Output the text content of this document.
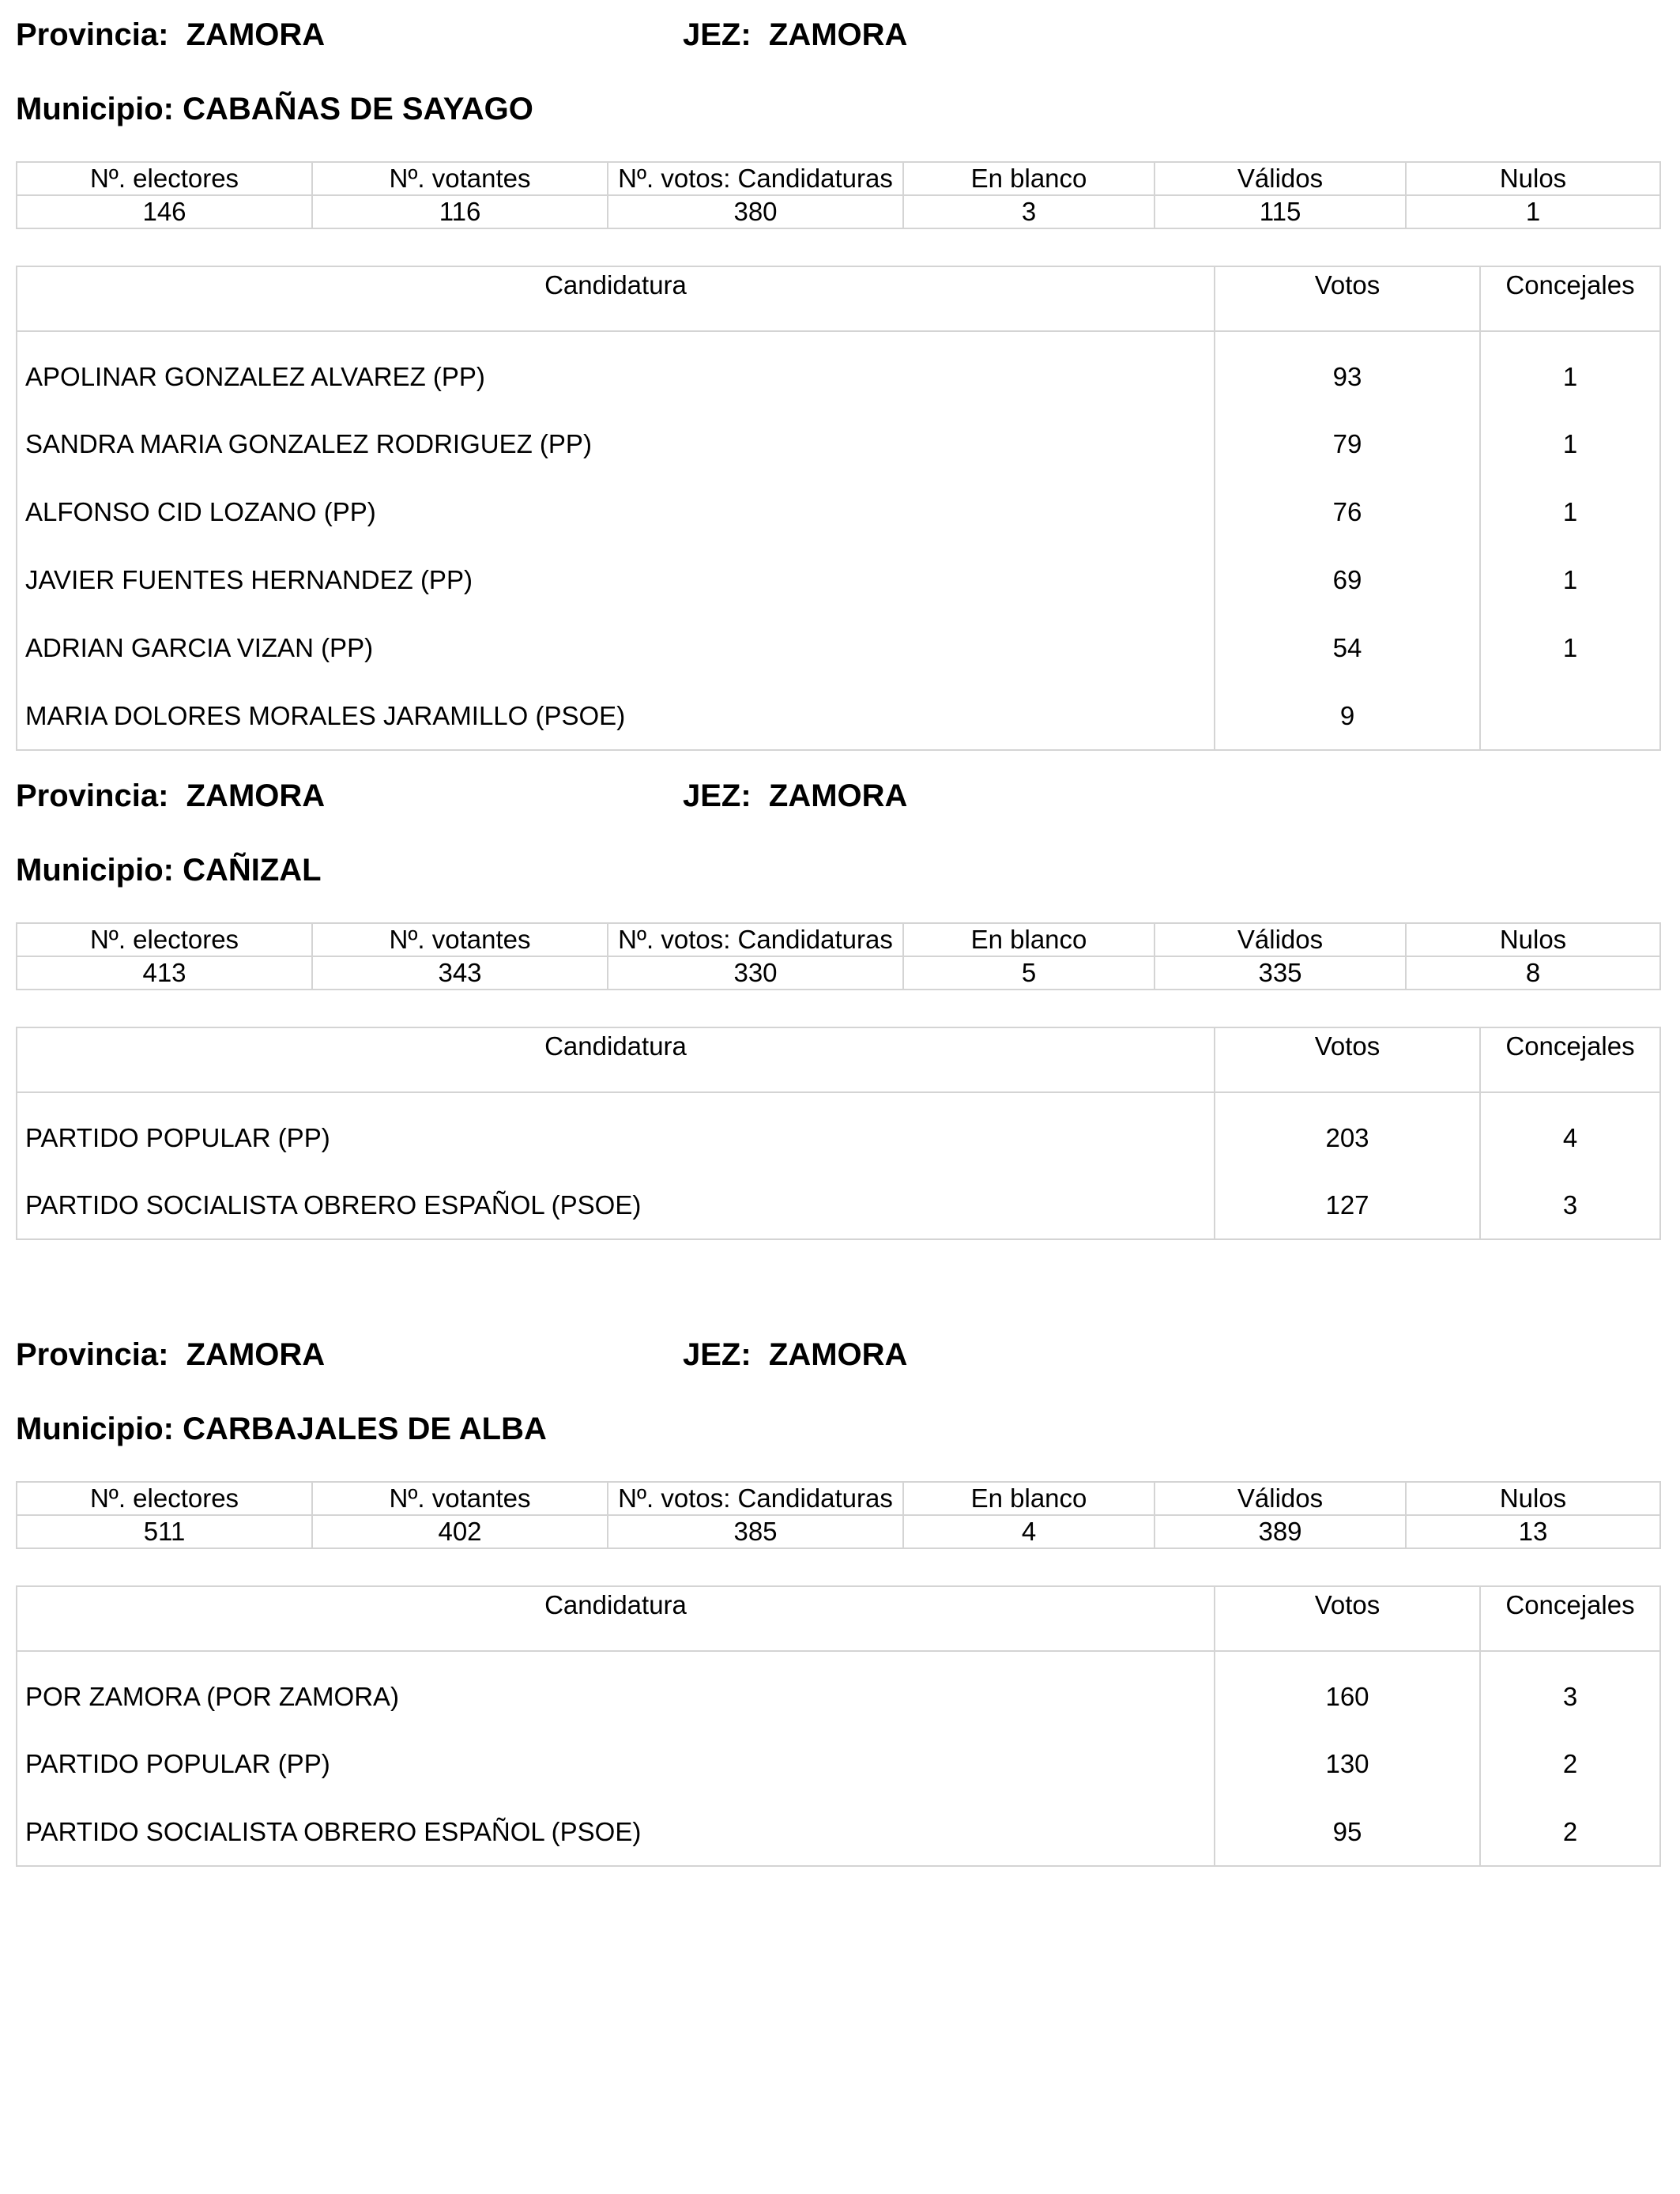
Provincia:  ZAMORA	JEZ:  ZAMORA
Municipio: CABAÑAS DE SAYAGO
Nº. electores	Nº. votantes	Nº. votos: Candidaturas	En blanco	Válidos	Nulos
146	116	380	3	115	1
Candidatura	Votos	Concejales
APOLINAR GONZALEZ ALVAREZ (PP)	93	1
SANDRA MARIA GONZALEZ RODRIGUEZ (PP)	79	1
ALFONSO CID LOZANO (PP)	76	1
JAVIER FUENTES HERNANDEZ (PP)	69	1
ADRIAN GARCIA VIZAN (PP)	54	1
MARIA DOLORES MORALES JARAMILLO (PSOE)	9	
Provincia:  ZAMORA	JEZ:  ZAMORA
Municipio: CAÑIZAL
Nº. electores	Nº. votantes	Nº. votos: Candidaturas	En blanco	Válidos	Nulos
413	343	330	5	335	8
Candidatura	Votos	Concejales
PARTIDO POPULAR (PP)	203	4
PARTIDO SOCIALISTA OBRERO ESPAÑOL (PSOE)	127	3
Provincia:  ZAMORA	JEZ:  ZAMORA
Municipio: CARBAJALES DE ALBA
Nº. electores	Nº. votantes	Nº. votos: Candidaturas	En blanco	Válidos	Nulos
511	402	385	4	389	13
Candidatura	Votos	Concejales
POR ZAMORA (POR ZAMORA)	160	3
PARTIDO POPULAR (PP)	130	2
PARTIDO SOCIALISTA OBRERO ESPAÑOL (PSOE)	95	2
